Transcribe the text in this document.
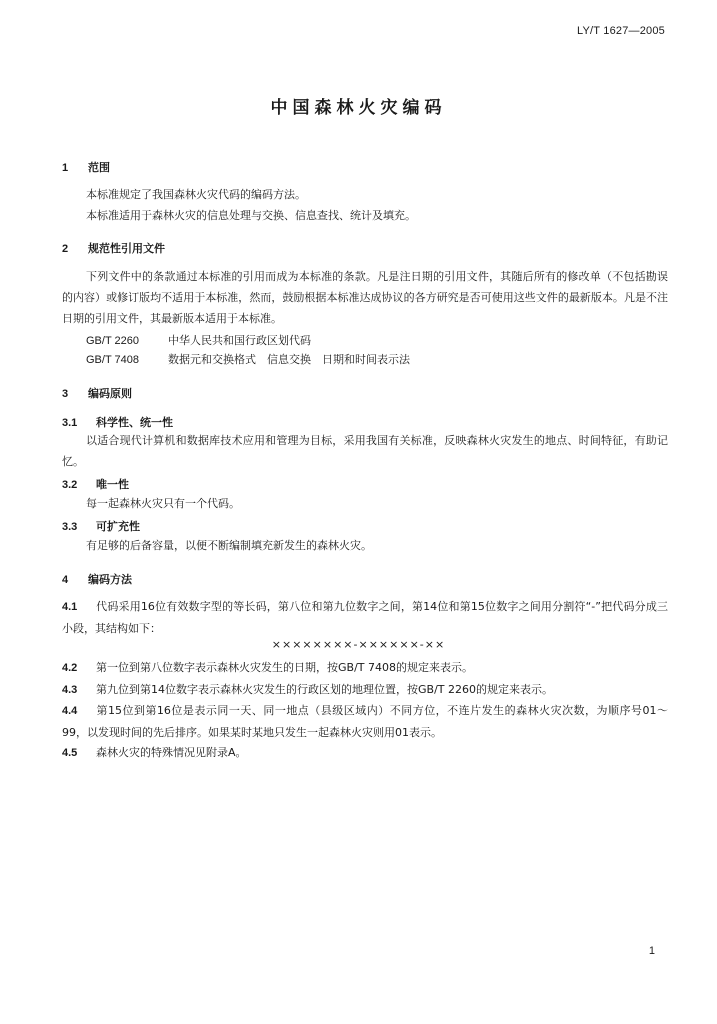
LY/T 1627—2005
中国森林火灾编码
1 范围
本标准规定了我国森林火灾代码的编码方法。
本标准适用于森林火灾的信息处理与交换、信息查找、统计及填充。
2 规范性引用文件
下列文件中的条款通过本标准的引用而成为本标准的条款。凡是注日期的引用文件，其随后所有的修改单（不包括勘误的内容）或修订版均不适用于本标准，然而，鼓励根据本标准达成协议的各方研究是否可使用这些文件的最新版本。凡是不注日期的引用文件，其最新版本适用于本标准。
GB/T 2260	中华人民共和国行政区划代码
GB/T 7408	数据元和交换格式　信息交换　日期和时间表示法
3 编码原则
3.1 科学性、统一性
以适合现代计算机和数据库技术应用和管理为目标，采用我国有关标准，反映森林火灾发生的地点、时间特征，有助记忆。
3.2 唯一性
每一起森林火灾只有一个代码。
3.3 可扩充性
有足够的后备容量，以便不断编制填充新发生的森林火灾。
4 编码方法
4.1 代码采用16位有效数字型的等长码，第八位和第九位数字之间，第14位和第15位数字之间用分割符“-”把代码分成三小段，其结构如下：
××××××××-××××××-××
4.2 第一位到第八位数字表示森林火灾发生的日期，按GB/T 7408的规定来表示。
4.3 第九位到第14位数字表示森林火灾发生的行政区划的地理位置，按GB/T 2260的规定来表示。
4.4 第15位到第16位是表示同一天、同一地点（县级区域内）不同方位，不连片发生的森林火灾次数，为顺序号01～99，以发现时间的先后排序。如果某时某地只发生一起森林火灾则用01表示。
4.5 森林火灾的特殊情况见附录A。
1
